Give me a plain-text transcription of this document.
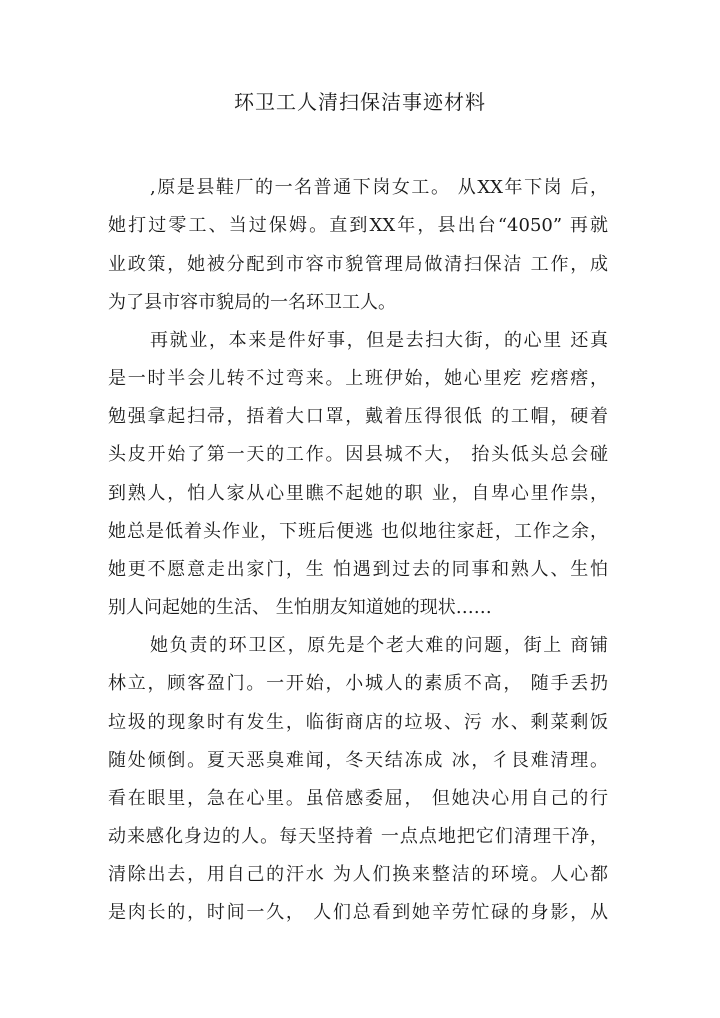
环卫工人清扫保洁事迹材料

,原是县鞋厂的一名普通下岗女工。 从XX年下岗 后，

她打过零工、当过保姆。直到XX年，县出台“4050” 再就

业政策，她被分配到市容市貌管理局做清扫保洁 工作，成

为了县市容市貌局的一名环卫工人。

再就业，本来是件好事，但是去扫大街，的心里 还真

是一时半会儿转不过弯来。上班伊始，她心里疙 疙瘩瘩，

勉强拿起扫帚，捂着大口罩，戴着压得很低 的工帽，硬着

头皮开始了第一天的工作。因县城不大， 抬头低头总会碰

到熟人，怕人家从心里瞧不起她的职 业，自卑心里作祟，

她总是低着头作业，下班后便逃 也似地往家赶，工作之余，

她更不愿意走出家门，生 怕遇到过去的同事和熟人、生怕

别人问起她的生活、 生怕朋友知道她的现状……

她负责的环卫区，原先是个老大难的问题，街上 商铺

林立，顾客盈门。一开始，小城人的素质不高， 随手丢扔

垃圾的现象时有发生，临街商店的垃圾、污 水、剩菜剩饭

随处倾倒。夏天恶臭难闻，冬天结冻成 冰，彳艮难清理。

看在眼里，急在心里。虽倍感委屈， 但她决心用自己的行

动来感化身边的人。每天坚持着 一点点地把它们清理干净，

清除出去，用自己的汗水 为人们换来整洁的环境。人心都

是肉长的，时间一久， 人们总看到她辛劳忙碌的身影，从
